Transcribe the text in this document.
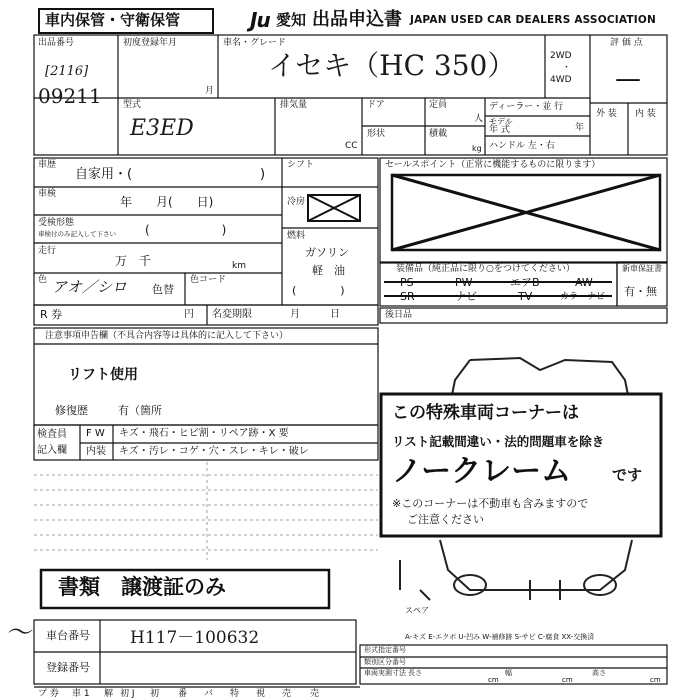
車内保管・守衛保管	Ju 愛知 出品申込書 JAPAN USED CAR DEALERS ASSOCIATION
出品番号
[2116]
09211
初度登録年月
月
車名・グレード
イセキ（HC 350）	2WD
・
4WD
評 価 点
—
外 装 内 装
型式
E3ED
排気量
CC
ドア
形状
定員
人
積載
kg
ディーラー・並 行
モデル
年 式	年
ハンドル 左・右
車歴
自家用・(	)
車検
年　　月(　　日)
受検形態
車検付のみ記入して下さい (　　　　　　)
走行
万　千	km
色 アオ／シロ 色替
色コード
R 券	円 名変期限	月　　　日
シフト
冷房
燃料
ガソリン
軽　油
(　　　　)
セールスポイント（正常に機能するものに限ります）
装備品（純正品に限り○をつけてください）
PS	PW	エアB	AW
SR	ナビ	TV	カラーナビ
新車保証書
有・無
後日品
注意事項申告欄（不具合内容等は具体的に記入して下さい）
リフト使用
修復歴	有（箇所
検査員
記入欄
F W キズ・飛石・ヒビ割・リペア跡・X 要
内装 キズ・汚レ・コゲ・穴・スレ・キレ・破レ
この特殊車両コーナーは
リスト記載間違い・法的問題車を除き
ノークレーム	です
※このコーナーは不動車も含みますので
ご注意ください
書類　譲渡証のみ
～ 車台番号 H117－100632
登録番号
スペア
A-キズ E-エクボ U-凹み W-補修跡 S-サビ C-腐食 XX-交換済
形式指定番号
類別区分番号
車両実測寸法 長さ
cm
幅
cm
高さ
cm
プ 券 車 1 解 初 J 初 番 バ 特 視 売 売
